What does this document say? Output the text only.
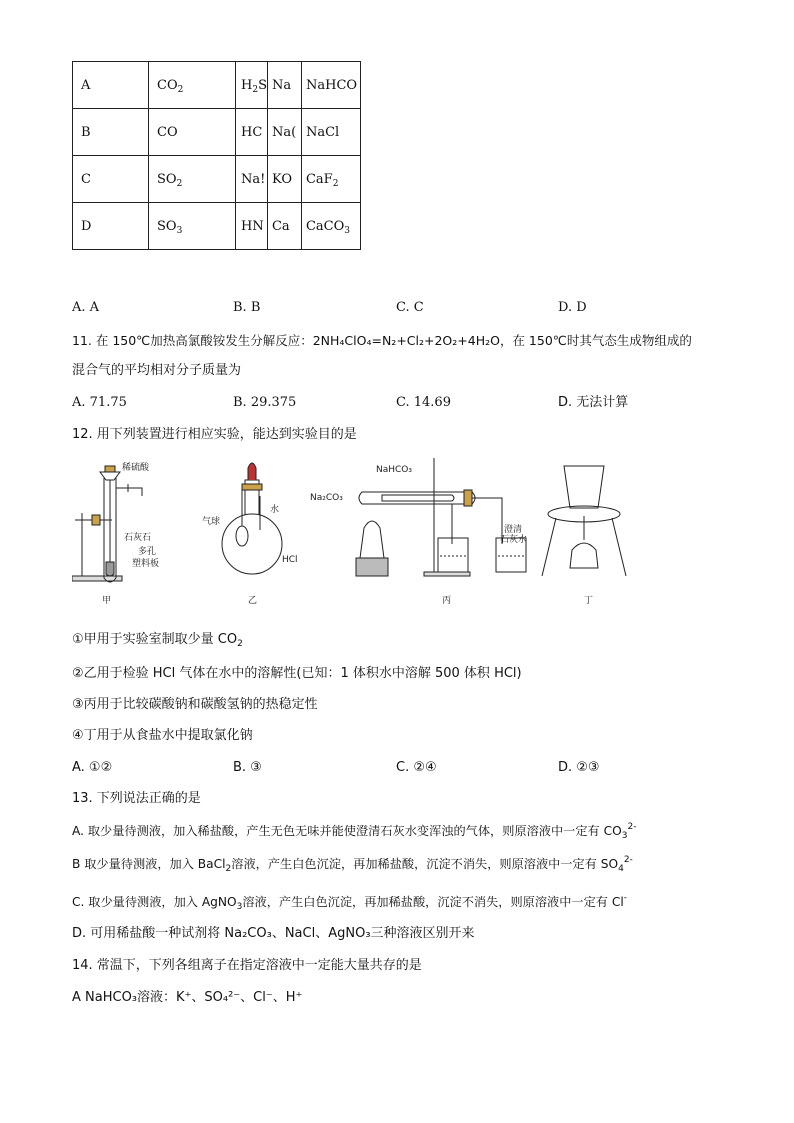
A	$CO_2$	$H_2S$	Na	NaHCO
B	CO	HC	Na(	NaCl
C	$SO_2$	Na!	KO	CaF$_2$
D	$SO_3$	HN	Ca	CaCO$_3$
A. A	B. B	C. C	D. D
11. 在 150℃加热高氯酸铵发生分解反应：2NH₄ClO₄=N₂+Cl₂+2O₂+4H₂O，在 150℃时其气态生成物组成的
混合气的平均相对分子质量为
A. 71.75	B. 29.375	C. 14.69	D. 无法计算
12. 用下列装置进行相应实验，能达到实验目的是
稀硫酸
石灰石
多孔
塑料板
气球
水
HCl
NaHCO₃
Na₂CO₃
澄清
石灰水
甲	乙	丙	丁
①甲用于实验室制取少量 $CO_2$
②乙用于检验 HCl 气体在水中的溶解性(已知：1 体积水中溶解 500 体积 HCl)
③丙用于比较碳酸钠和碳酸氢钠的热稳定性
④丁用于从食盐水中提取氯化钠
A. ①②	B. ③	C. ②④	D. ②③
13. 下列说法正确的是
A. 取少量待测液，加入稀盐酸，产生无色无味并能使澄清石灰水变浑浊的气体，则原溶液中一定有 $CO_3^{2-}$
B 取少量待测液，加入 BaCl$_2$溶液，产生白色沉淀，再加稀盐酸，沉淀不消失，则原溶液中一定有 $SO_4^{2-}$
C. 取少量待测液，加入 AgNO$_3$溶液，产生白色沉淀，再加稀盐酸，沉淀不消失，则原溶液中一定有 Cl-
D. 可用稀盐酸一种试剂将 Na₂CO₃、NaCl、AgNO₃三种溶液区别开来
14. 常温下，下列各组离子在指定溶液中一定能大量共存的是
A NaHCO₃溶液：K⁺、SO₄²⁻、Cl⁻、H⁺
